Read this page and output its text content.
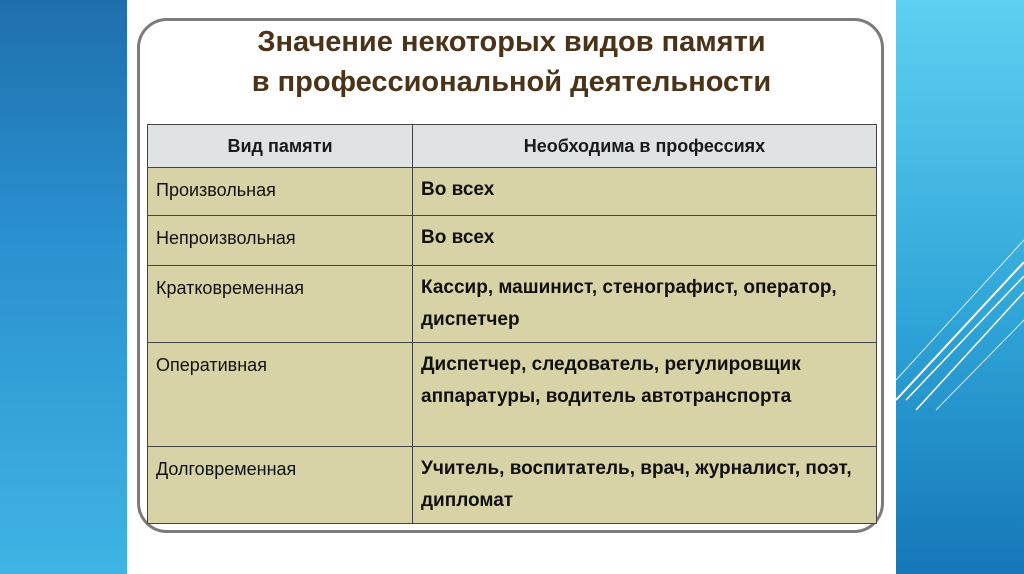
Значение некоторых видов памяти
в профессиональной деятельности
Вид памяти	Необходима в профессиях
Произвольная	Во всех
Непроизвольная	Во всех
Кратковременная	Кассир, машинист, стенографист, оператор, диспетчер
Оперативная	Диспетчер, следователь, регулировщик аппаратуры, водитель автотранспорта
Долговременная	Учитель, воспитатель, врач, журналист, поэт, дипломат
